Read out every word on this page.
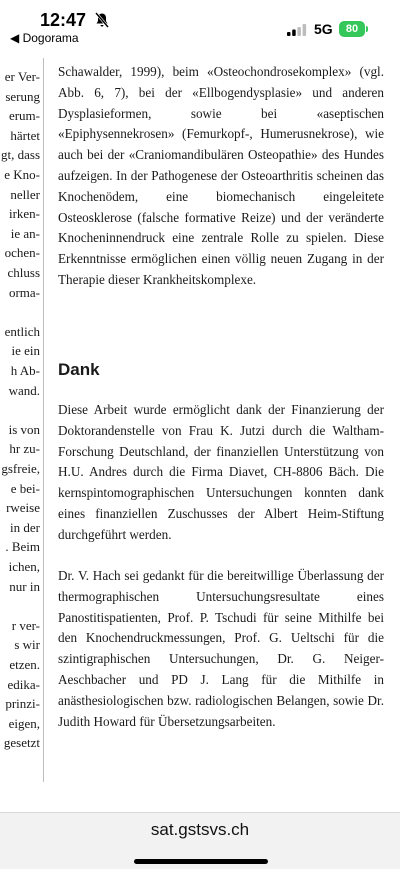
12:47
◀ Dogorama
5G	80
er Ver-
serung
erum-
härtet
gt, dass
e Kno-
neller
irken-
ie an-
ochen-
chluss
orma-
entlich
ie ein
h Ab-
wand.
is von
hr zu-
gsfreie,
e bei-
rweise
in der
. Beim
ichen,
nur in
r ver-
s wir
etzen.
edika-
prinzi-
eigen,
gesetzt

Schawalder, 1999), beim «Osteochondrosekomplex» (vgl. Abb. 6, 7), bei der «Ellbogendysplasie» und anderen Dysplasieformen, sowie bei «aseptischen «Epiphysennekrosen» (Femurkopf-, Humerusnekrose), wie auch bei der «Craniomandibulären Osteopathie» des Hundes aufzeigen. In der Pathogenese der Osteoarthritis scheinen das Knochenödem, eine biomechanisch eingeleitete Osteosklerose (falsche formative Reize) und der veränderte Knocheninnendruck eine zentrale Rolle zu spielen. Diese Erkenntnisse ermöglichen einen völlig neuen Zugang in der Therapie dieser Krankheitskomplexe.

Diese Arbeit wurde ermöglicht dank der Finanzierung der Doktorandenstelle von Frau K. Jutzi durch die Waltham-Forschung Deutschland, der finanziellen Unterstützung von H.U. Andres durch die Firma Diavet, CH-8806 Bäch. Die kernspintomographischen Untersuchungen konnten dank eines finanziellen Zuschusses der Albert Heim-Stiftung durchgeführt werden.

Dr. V. Hach sei gedankt für die bereitwillige Überlassung der thermographischen Untersuchungsresultate eines Panostitispatienten, Prof. P. Tschudi für seine Mithilfe bei den Knochendruckmessungen, Prof. G. Ueltschi für die szintigraphischen Untersuchungen, Dr. G. Neiger-Aeschbacher und PD J. Lang für die Mithilfe in anästhesiologischen bzw. radiologischen Belangen, sowie Dr. Judith Howard für Übersetzungsarbeiten.

Dank
sat.gstsvs.ch
